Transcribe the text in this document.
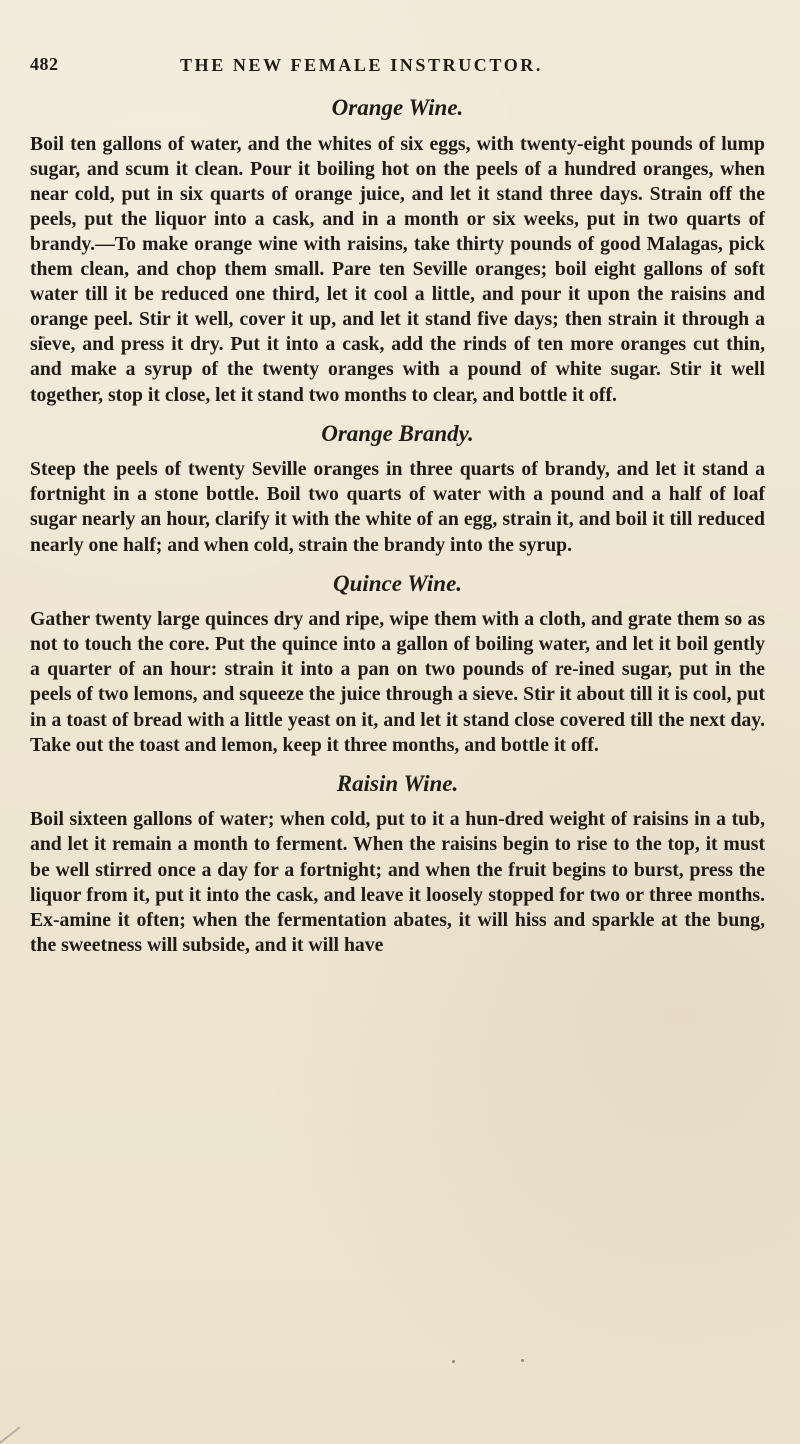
482	THE NEW FEMALE INSTRUCTOR.
Orange Wine.
Boil ten gallons of water, and the whites of six eggs, with twenty-eight pounds of lump sugar, and scum it clean. Pour it boiling hot on the peels of a hundred oranges, when near cold, put in six quarts of orange juice, and let it stand three days. Strain off the peels, put the liquor into a cask, and in a month or six weeks, put in two quarts of brandy.—To make orange wine with raisins, take thirty pounds of good Malagas, pick them clean, and chop them small. Pare ten Seville oranges; boil eight gallons of soft water till it be reduced one third, let it cool a little, and pour it upon the raisins and orange peel. Stir it well, cover it up, and let it stand five days; then strain it through a sieve, and press it dry. Put it into a cask, add the rinds of ten more oranges cut thin, and make a syrup of the twenty oranges with a pound of white sugar. Stir it well together, stop it close, let it stand two months to clear, and bottle it off.
Orange Brandy.
Steep the peels of twenty Seville oranges in three quarts of brandy, and let it stand a fortnight in a stone bottle. Boil two quarts of water with a pound and a half of loaf sugar nearly an hour, clarify it with the white of an egg, strain it, and boil it till reduced nearly one half; and when cold, strain the brandy into the syrup.
Quince Wine.
Gather twenty large quinces dry and ripe, wipe them with a cloth, and grate them so as not to touch the core. Put the quince into a gallon of boiling water, and let it boil gently a quarter of an hour: strain it into a pan on two pounds of re-ined sugar, put in the peels of two lemons, and squeeze the juice through a sieve. Stir it about till it is cool, put in a toast of bread with a little yeast on it, and let it stand close covered till the next day. Take out the toast and lemon, keep it three months, and bottle it off.
Raisin Wine.
Boil sixteen gallons of water; when cold, put to it a hun-dred weight of raisins in a tub, and let it remain a month to ferment. When the raisins begin to rise to the top, it must be well stirred once a day for a fortnight; and when the fruit begins to burst, press the liquor from it, put it into the cask, and leave it loosely stopped for two or three months. Ex-amine it often; when the fermentation abates, it will hiss and sparkle at the bung, the sweetness will subside, and it will have
